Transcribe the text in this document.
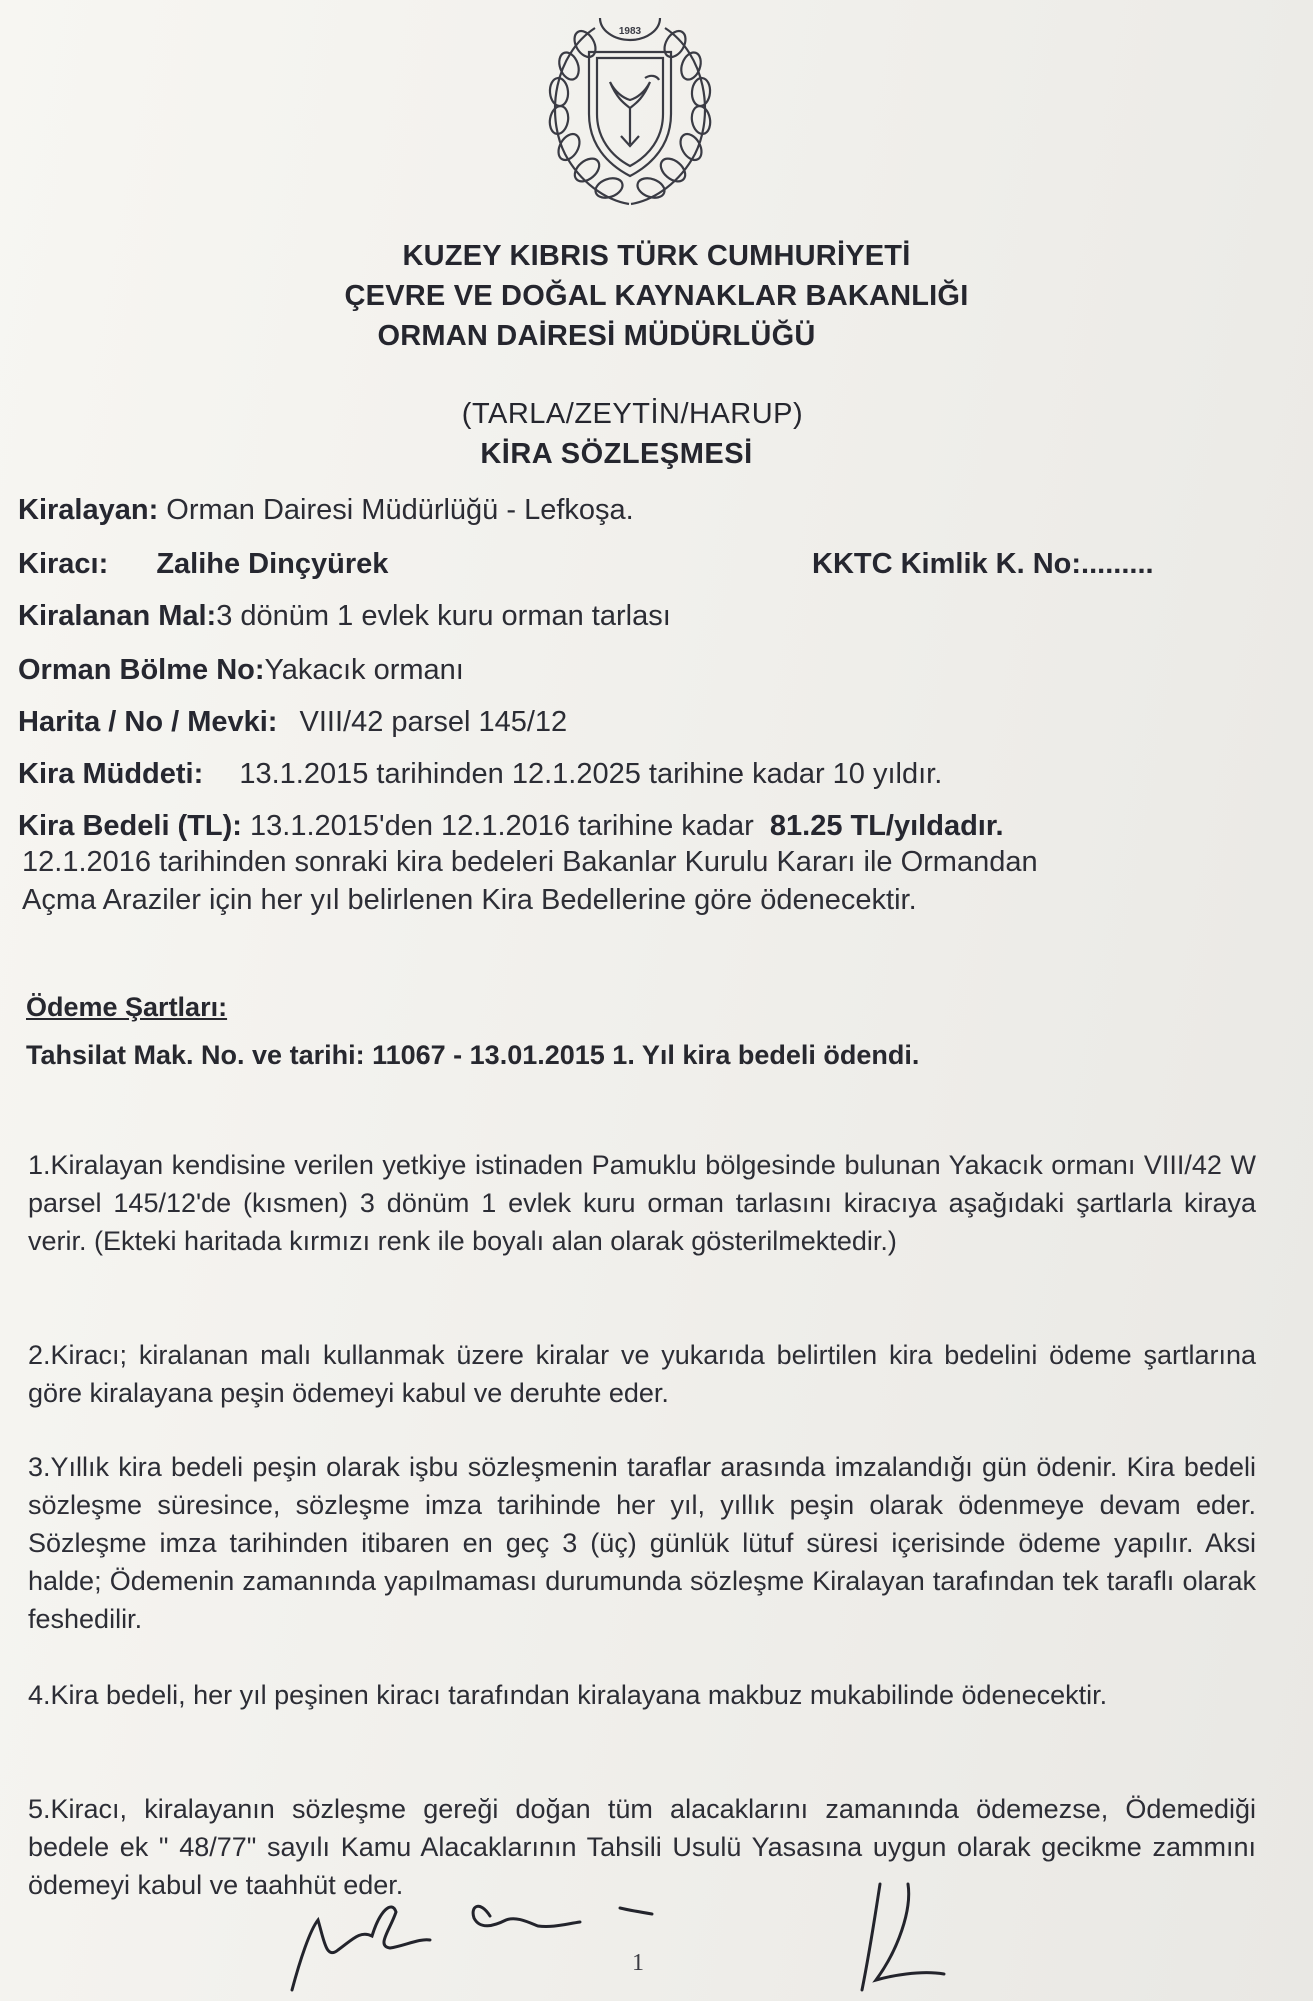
1983
KUZEY KIBRIS TÜRK CUMHURİYETİ
ÇEVRE VE DOĞAL KAYNAKLAR BAKANLIĞI
ORMAN DAİRESİ MÜDÜRLÜĞÜ
(TARLA/ZEYTİN/HARUP)
KİRA SÖZLEŞMESİ
Kiralayan: Orman Dairesi Müdürlüğü - Lefkoşa.
Kiracı: Zalihe Dinçyürek	KKTC Kimlik K. No:.........
Kiralanan Mal:3 dönüm 1 evlek kuru orman tarlası
Orman Bölme No:Yakacık ormanı
Harita / No / Mevki: VIII/42 parsel 145/12
Kira Müddeti: 13.1.2015 tarihinden 12.1.2025 tarihine kadar 10 yıldır.
Kira Bedeli (TL): 13.1.2015'den 12.1.2016 tarihine kadar 81.25 TL/yıldadır.
12.1.2016 tarihinden sonraki kira bedeleri Bakanlar Kurulu Kararı ile Ormandan
Açma Araziler için her yıl belirlenen Kira Bedellerine göre ödenecektir.
Ödeme Şartları:
Tahsilat Mak. No. ve tarihi: 11067 - 13.01.2015 1. Yıl kira bedeli ödendi.
1.Kiralayan kendisine verilen yetkiye istinaden Pamuklu bölgesinde bulunan Yakacık ormanı VIII/42 W parsel 145/12'de (kısmen) 3 dönüm 1 evlek kuru orman tarlasını kiracıya aşağıdaki şartlarla kiraya verir. (Ekteki haritada kırmızı renk ile boyalı alan olarak gösterilmektedir.)
2.Kiracı; kiralanan malı kullanmak üzere kiralar ve yukarıda belirtilen kira bedelini ödeme şartlarına göre kiralayana peşin ödemeyi kabul ve deruhte eder.
3.Yıllık kira bedeli peşin olarak işbu sözleşmenin taraflar arasında imzalandığı gün ödenir. Kira bedeli sözleşme süresince, sözleşme imza tarihinde her yıl, yıllık peşin olarak ödenmeye devam eder. Sözleşme imza tarihinden itibaren en geç 3 (üç) günlük lütuf süresi içerisinde ödeme yapılır. Aksi halde; Ödemenin zamanında yapılmaması durumunda sözleşme Kiralayan tarafından tek taraflı olarak feshedilir.
4.Kira bedeli, her yıl peşinen kiracı tarafından kiralayana makbuz mukabilinde ödenecektir.
5.Kiracı, kiralayanın sözleşme gereği doğan tüm alacaklarını zamanında ödemezse, Ödemediği bedele ek " 48/77" sayılı Kamu Alacaklarının Tahsili Usulü Yasasına uygun olarak gecikme zammını ödemeyi kabul ve taahhüt eder.
1
